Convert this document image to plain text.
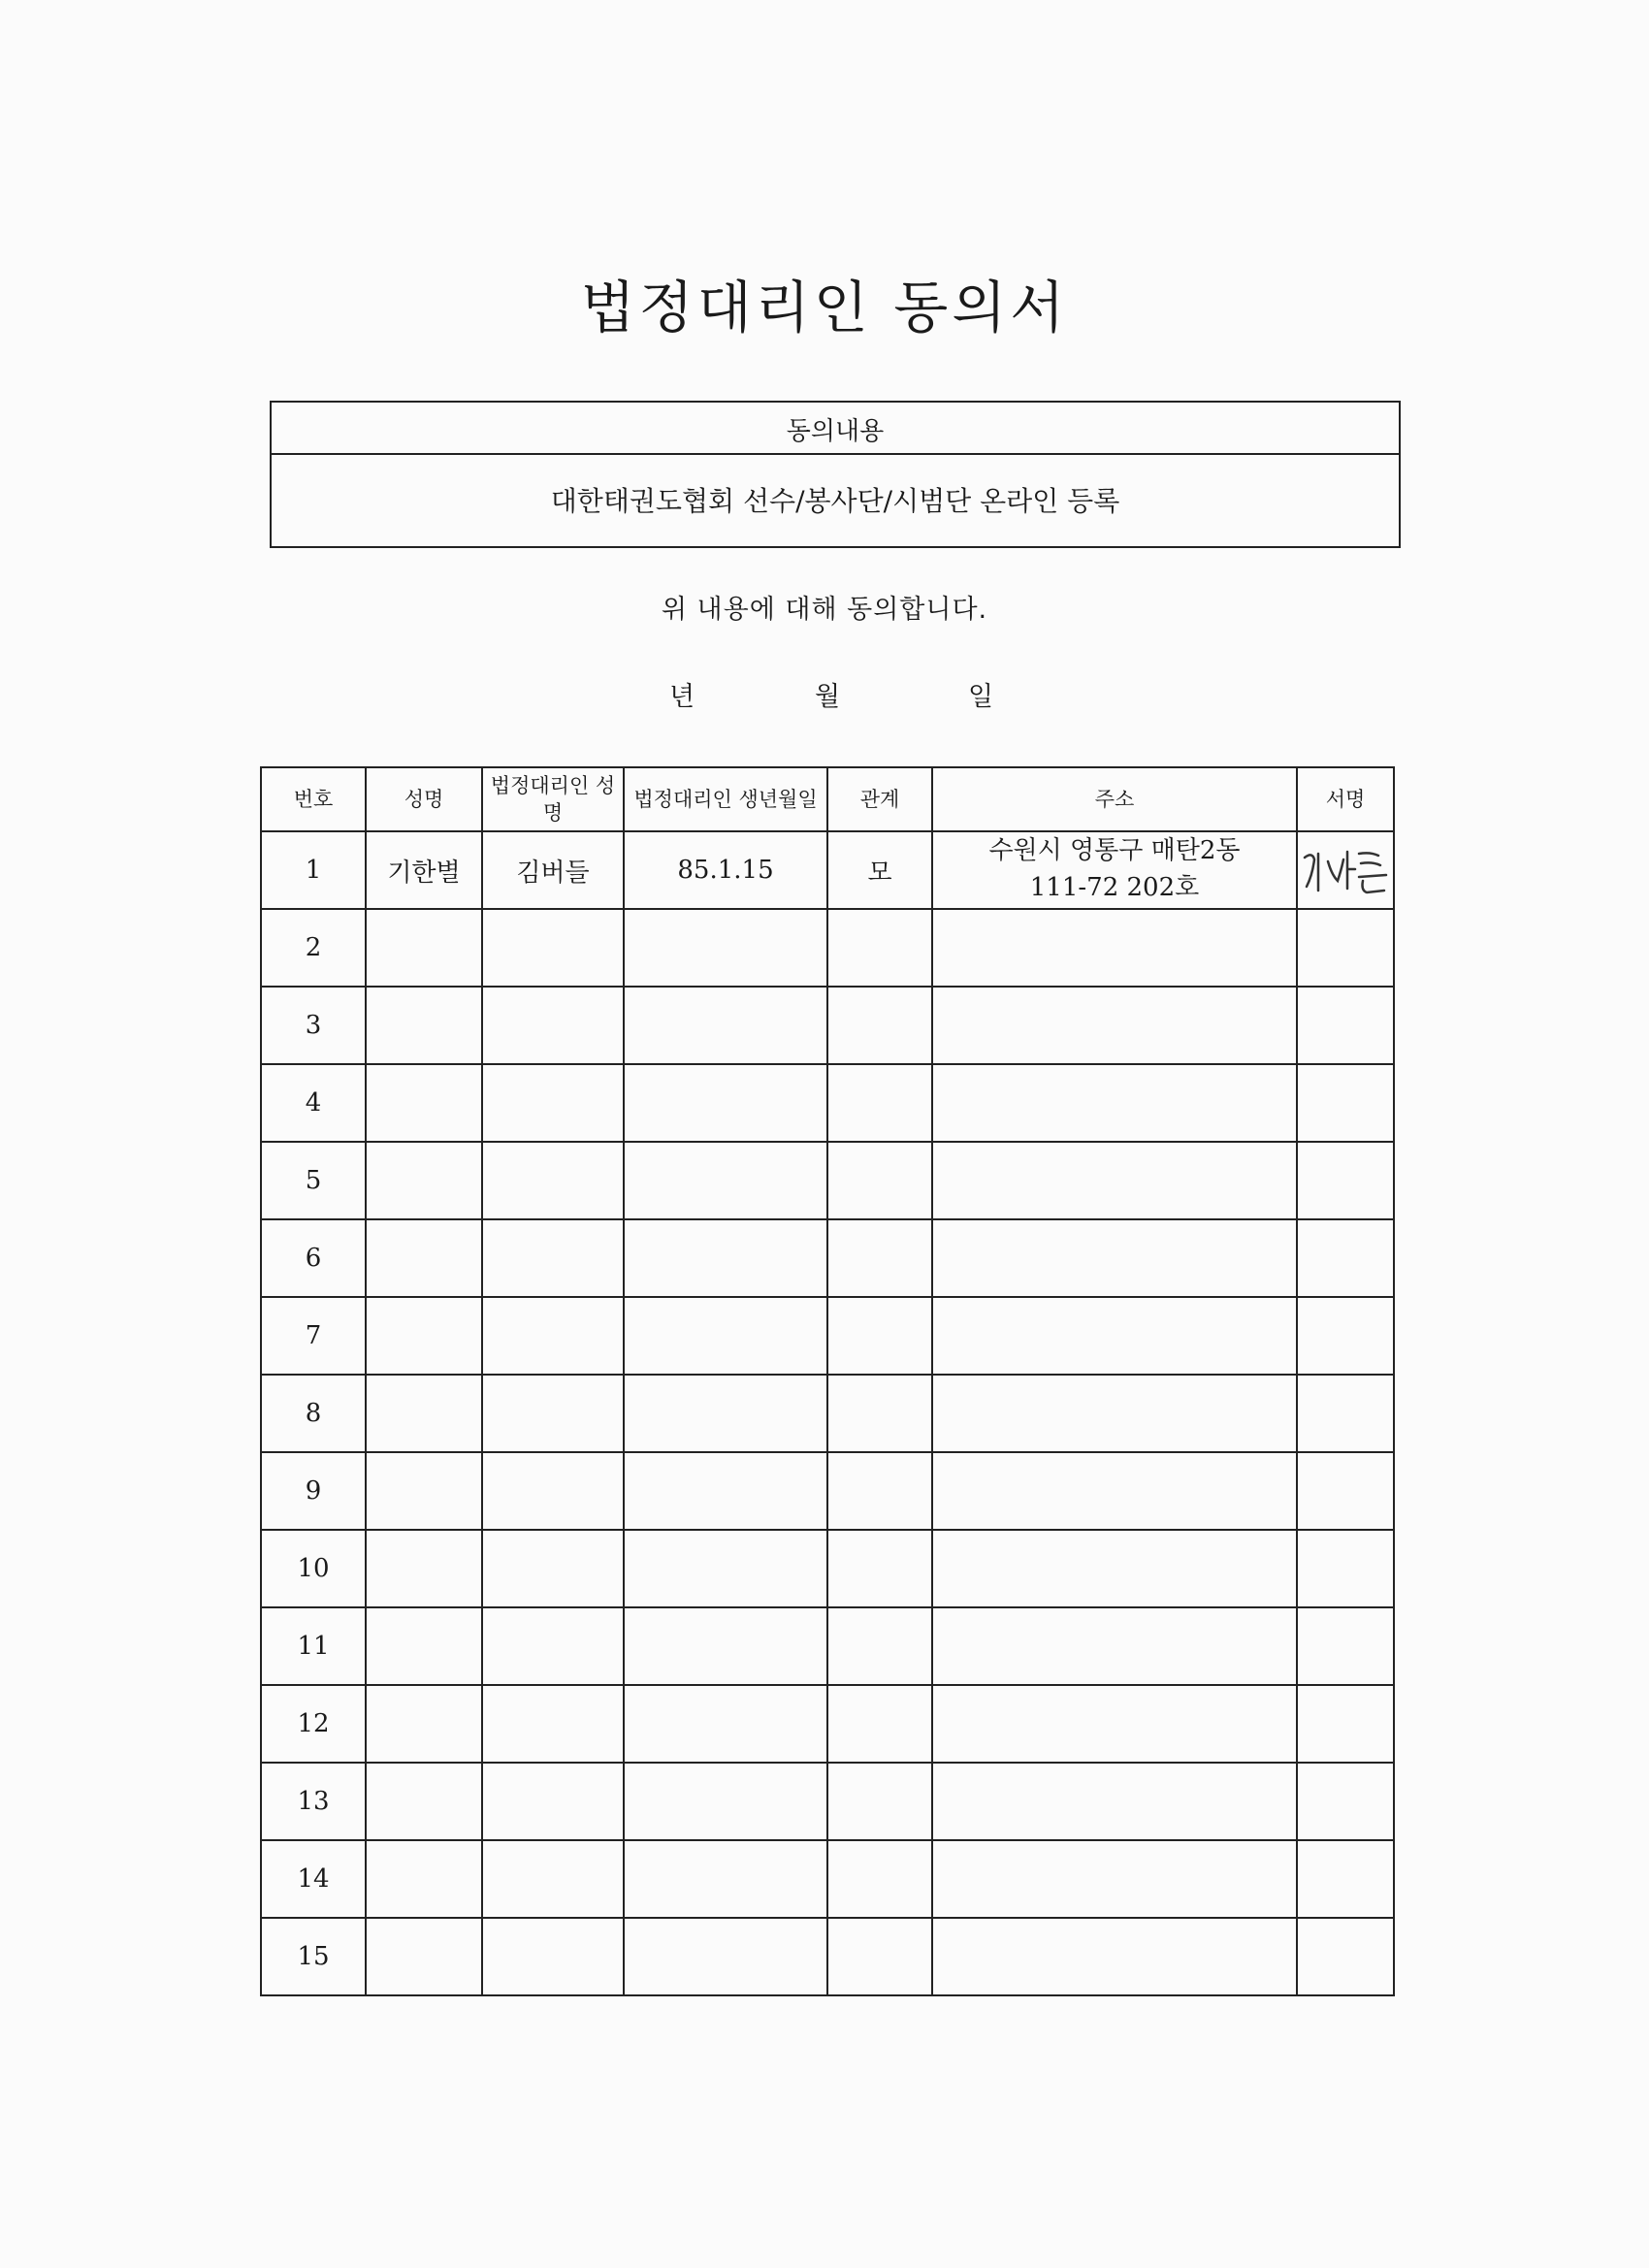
법정대리인 동의서
동의내용
대한태권도협회 선수/봉사단/시범단 온라인 등록
위 내용에 대해 동의합니다.
년	월	일
번호	성명	법정대리인 성명	법정대리인 생년월일	관계	주소	서명
1	기한별	김버들	85.1.15	모	수원시 영통구 매탄2동
111-72 202호

2					

3					

4					

5					

6					

7					

8					

9					

10					

11					

12					

13					

14					

15					
